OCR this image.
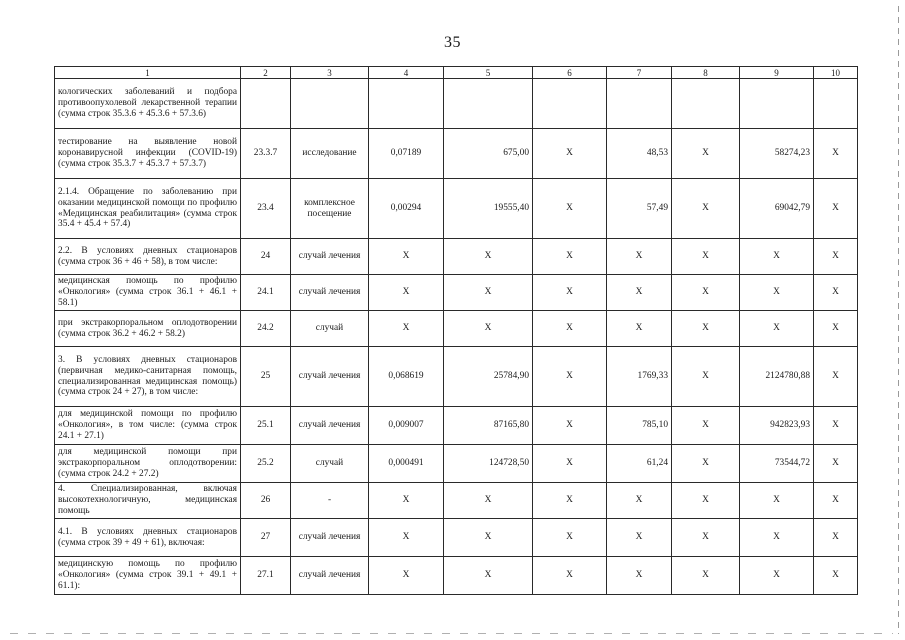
35
1	2	3	4	5	6	7	8	9	10
кологических заболеваний и подбора противоопухолевой лекарственной терапии (сумма строк 35.3.6 + 45.3.6 + 57.3.6)									
тестирование на выявление новой коронавирусной инфекции (COVID-19) (сумма строк 35.3.7 + 45.3.7 + 57.3.7)	23.3.7	исследование	0,07189	675,00	X	48,53	X	58274,23	X
2.1.4. Обращение по заболеванию при оказании медицинской помощи по профилю «Медицинская реабилитация» (сумма строк 35.4 + 45.4 + 57.4)	23.4	комплексное посещение	0,00294	19555,40	X	57,49	X	69042,79	X
2.2. В условиях дневных стационаров (сумма строк 36 + 46 + 58), в том числе:	24	случай лечения	X	X	X	X	X	X	X
медицинская помощь по профилю «Онкология» (сумма строк 36.1 + 46.1 + 58.1)	24.1	случай лечения	X	X	X	X	X	X	X
при экстракорпоральном оплодотворении (сумма строк 36.2 + 46.2 + 58.2)	24.2	случай	X	X	X	X	X	X	X
3. В условиях дневных стационаров (первичная медико-санитарная помощь, специализированная медицинская помощь) (сумма строк 24 + 27), в том числе:	25	случай лечения	0,068619	25784,90	X	1769,33	X	2124780,88	X
для медицинской помощи по профилю «Онкология», в том числе: (сумма строк 24.1 + 27.1)	25.1	случай лечения	0,009007	87165,80	X	785,10	X	942823,93	X
для медицинской помощи при экстракорпоральном оплодотворении: (сумма строк 24.2 + 27.2)	25.2	случай	0,000491	124728,50	X	61,24	X	73544,72	X
4. Специализированная, включая высокотехнологичную, медицинская помощь	26	-	X	X	X	X	X	X	X
4.1. В условиях дневных стационаров (сумма строк 39 + 49 + 61), включая:	27	случай лечения	X	X	X	X	X	X	X
медицинскую помощь по профилю «Онкология» (сумма строк 39.1 + 49.1 + 61.1):	27.1	случай лечения	X	X	X	X	X	X	X
